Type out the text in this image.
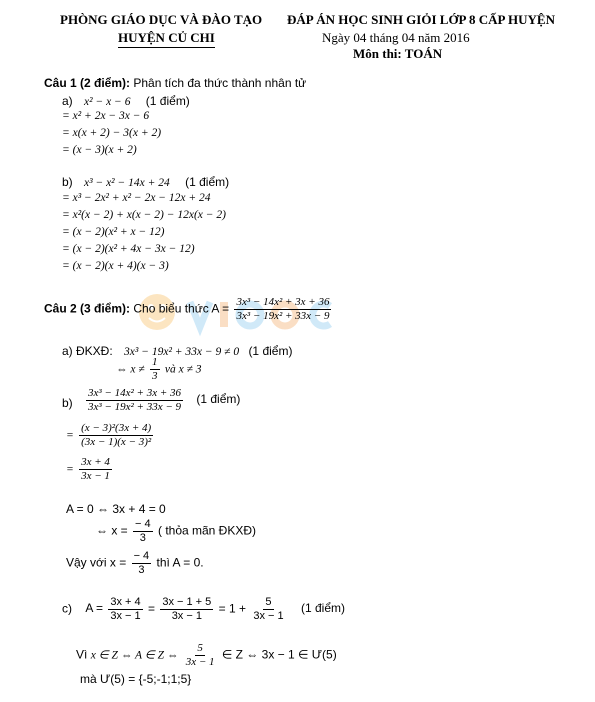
PHÒNG GIÁO DỤC VÀ ĐÀO TẠO
HUYỆN CỦ CHI
ĐÁP ÁN HỌC SINH GIỎI LỚP 8 CẤP HUYỆN
Ngày 04 tháng 04 năm 2016
Môn thi: TOÁN
Câu 1 (2 điểm): Phân tích đa thức thành nhân tử
a) x² − x − 6 (1 điểm)
= x² + 2x − 3x − 6
= x(x + 2) − 3(x + 2)
= (x − 3)(x + 2)
b) x³ − x² − 14x + 24 (1 điểm)
= x³ − 2x² + x² − 2x − 12x + 24
= x²(x − 2) + x(x − 2) − 12x(x − 2)
= (x − 2)(x² + x − 12)
= (x − 2)(x² + 4x − 3x − 12)
= (x − 2)(x + 4)(x − 3)
Câu 2 (3 điểm): Cho biểu thức $A = \frac{\text{3x³ − 14x² + 3x + 36}}{\text{3x³ − 19x² + 33x − 9}}$
a) ĐKXĐ: 3x³ − 19x² + 33x − 9 ≠ 0 (1 điểm)
⇔ $x \ne \frac{1}{3}$ và x ≠ 3
$b) \frac{\text{3x³ − 14x² + 3x + 36}}{\text{3x³ − 19x² + 33x − 9}} (1$ điểm)
= $\frac{\text{(x − 3)²(3x + 4)}}{\text{(3x − 1)(x − 3)²}}$
= $\frac{3x + 4}{3x - 1}$
A = 0 ⇔ 3x + 4 = 0
⇔ $x = \frac{- 4}{3}$ ( thỏa mãn ĐKXĐ)
Vậy với $x = \frac{- 4}{3}$ thì A = 0.
c) $A = \frac{3x + 4}{3x - 1} = \frac{3x - 1 + 5}{3x - 1} = 1 + \frac{5}{3x - 1} (1$ điểm)
Vì x ∈ Z ⇔ A ∈ Z ⇔ $\frac{5}{3x - 1}$ ∈ Z ⇔ 3x − 1 ∈ Ư(5)
mà Ư(5) = {-5;-1;1;5}
